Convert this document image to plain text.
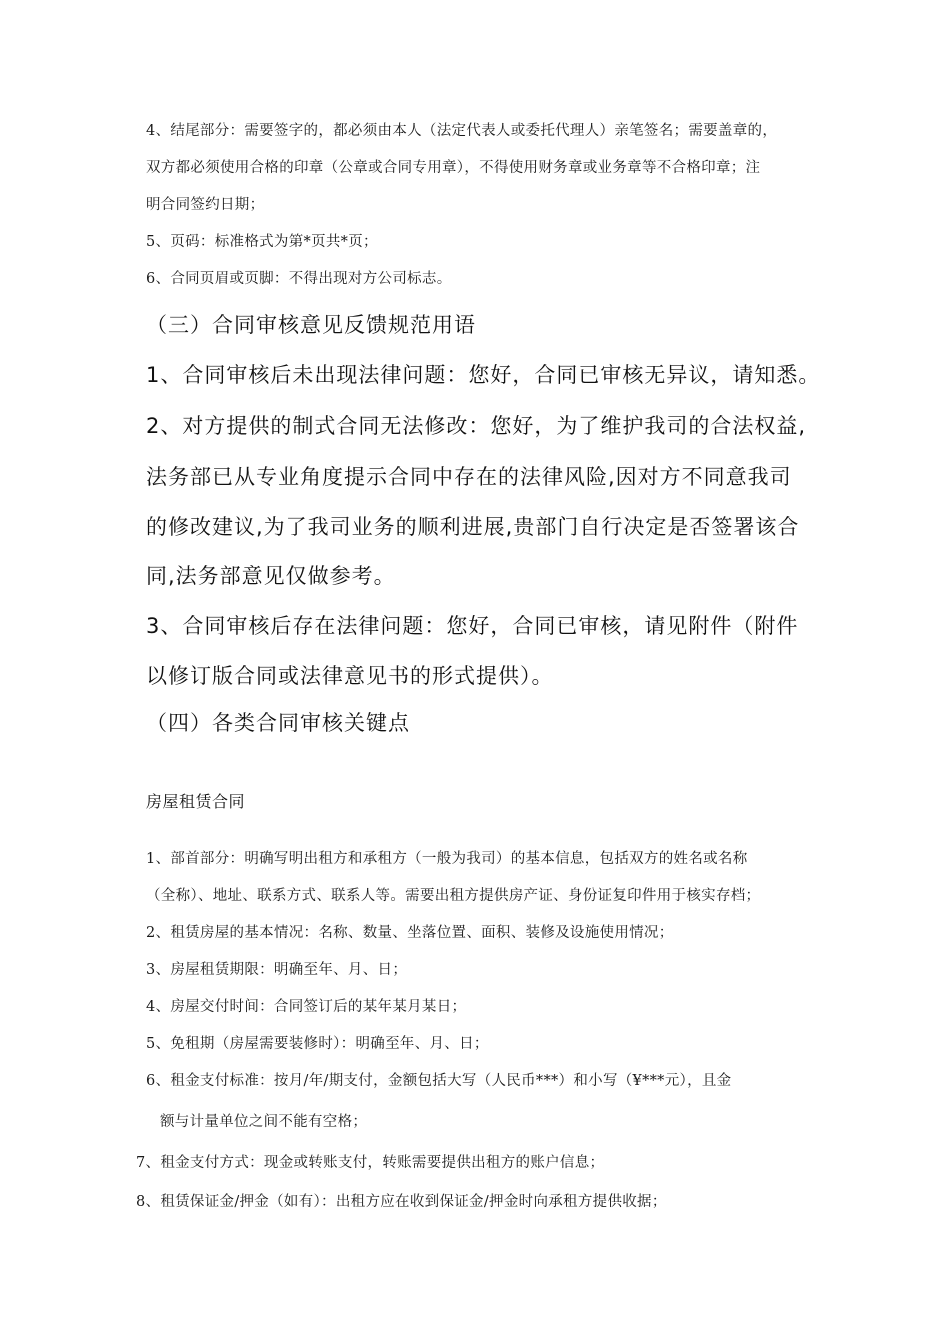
4、结尾部分：需要签字的，都必须由本人（法定代表人或委托代理人）亲笔签名；需要盖章的，

双方都必须使用合格的印章（公章或合同专用章），不得使用财务章或业务章等不合格印章；注

明合同签约日期；

5、页码：标准格式为第*页共*页；

6、合同页眉或页脚：不得出现对方公司标志。

（三）合同审核意见反馈规范用语

1、合同审核后未出现法律问题：您好，合同已审核无异议，请知悉。

2、对方提供的制式合同无法修改：您好，为了维护我司的合法权益,

法务部已从专业角度提示合同中存在的法律风险,因对方不同意我司

的修改建议,为了我司业务的顺利进展,贵部门自行决定是否签署该合

同,法务部意见仅做参考。

3、合同审核后存在法律问题：您好，合同已审核，请见附件（附件

以修订版合同或法律意见书的形式提供）。

（四）各类合同审核关键点

房屋租赁合同

1、部首部分：明确写明出租方和承租方（一般为我司）的基本信息，包括双方的姓名或名称

（全称）、地址、联系方式、联系人等。需要出租方提供房产证、身份证复印件用于核实存档；

2、租赁房屋的基本情况：名称、数量、坐落位置、面积、装修及设施使用情况；

3、房屋租赁期限：明确至年、月、日；

4、房屋交付时间：合同签订后的某年某月某日；

5、免租期（房屋需要装修时）：明确至年、月、日；

6、租金支付标准：按月/年/期支付，金额包括大写（人民币***）和小写（¥***元），且金

额与计量单位之间不能有空格；

7、租金支付方式：现金或转账支付，转账需要提供出租方的账户信息；

8、租赁保证金/押金（如有）：出租方应在收到保证金/押金时向承租方提供收据；
